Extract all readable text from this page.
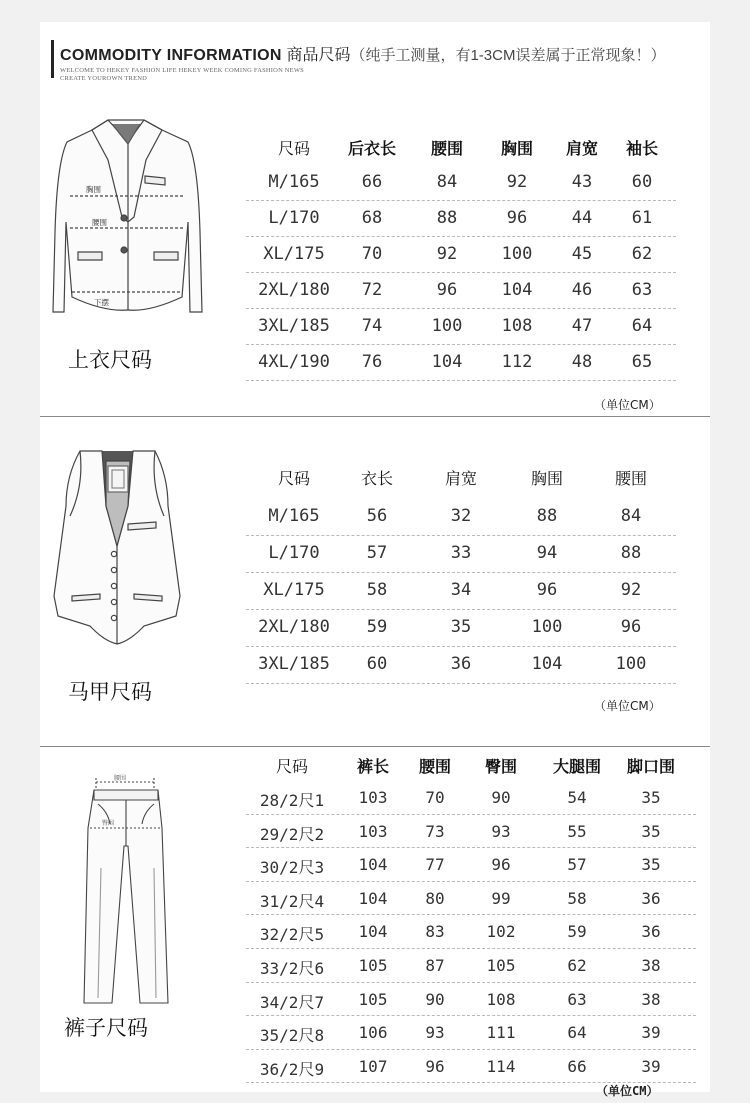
COMMODITY INFORMATION 商品尺码（纯手工测量，有1-3CM误差属于正常现象！）
WELCOME TO HEKEY FASHION LIFE HEKEY WEEK COMING FASHION NEWS
CREATE YOUROWN TREND
胸围
腰围
下摆
上衣尺码
尺码	后衣长	腰围	胸围	肩宽	袖长
M/165	66	84	92	43	60
L/170	68	88	96	44	61
XL/175	70	92	100	45	62
2XL/180	72	96	104	46	63
3XL/185	74	100	108	47	64
4XL/190	76	104	112	48	65
（单位CM）
马甲尺码
尺码	衣长	肩宽	胸围	腰围
M/165	56	32	88	84
L/170	57	33	94	88
XL/175	58	34	96	92
2XL/180	59	35	100	96
3XL/185	60	36	104	100
（单位CM）
腰围
臀围
裤子尺码
尺码	裤长	腰围	臀围	大腿围	脚口围
28/2尺1	103	70	90	54	35
29/2尺2	103	73	93	55	35
30/2尺3	104	77	96	57	35
31/2尺4	104	80	99	58	36
32/2尺5	104	83	102	59	36
33/2尺6	105	87	105	62	38
34/2尺7	105	90	108	63	38
35/2尺8	106	93	111	64	39
36/2尺9	107	96	114	66	39
（单位CM）
